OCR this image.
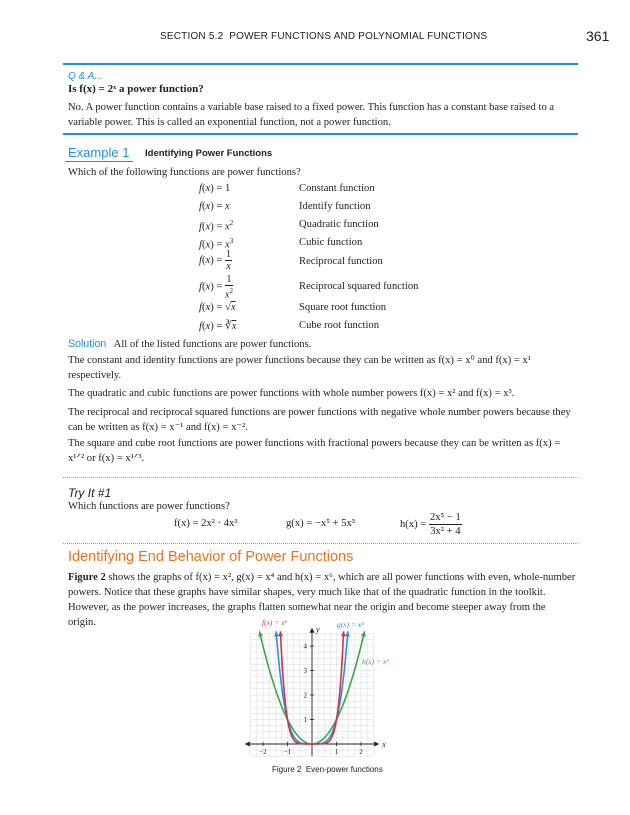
SECTION 5.2 POWER FUNCTIONS AND POLYNOMIAL FUNCTIONS	361
Q & A...
Is f(x) = 2ˣ a power function?
No. A power function contains a variable base raised to a fixed power. This function has a constant base raised to a variable power. This is called an exponential function, not a power function.
Example 1 Identifying Power Functions
Which of the following functions are power functions?
f(x) = 1	Constant function
f(x) = x	Identify function
$f(x) = x^2$	Quadratic function
$f(x) = x^3$	Cubic function
$f(x) = \frac{1}{x}$	Reciprocal function
$f(x) = \frac{1}{x^2}$	Reciprocal squared function
f(x) = √x	Square root function
$f(x) = ∛\overline{x}$	Cube root function
Solution All of the listed functions are power functions.
The constant and identity functions are power functions because they can be written as f(x) = x⁰ and f(x) = x¹ respectively.
The quadratic and cubic functions are power functions with whole number powers f(x) = x² and f(x) = x³.
The reciprocal and reciprocal squared functions are power functions with negative whole number powers because they can be written as f(x) = x⁻¹ and f(x) = x⁻².
The square and cube root functions are power functions with fractional powers because they can be written as f(x) = x¹ᐟ² or f(x) = x¹ᐟ³.
Try It #1
Which functions are power functions?
f(x) = 2x² · 4x³	g(x) = −x⁵ + 5x³	$h(x) = \frac{\text{2x⁵ − 1}}{\text{3x² + 4}}$
Identifying End Behavior of Power Functions
Figure 2 shows the graphs of f(x) = x², g(x) = x⁴ and h(x) = x⁶, which are all power functions with even, whole-number powers. Notice that these graphs have similar shapes, very much like that of the quadratic function in the toolkit. However, as the power increases, the graphs flatten somewhat near the origin and become steeper away from the origin.
−2 −1	1	2
1
2
3
4
x
y
f(x) = x⁶	g(x) = x⁴
h(x) = x²
Figure 2 Even-power functions
